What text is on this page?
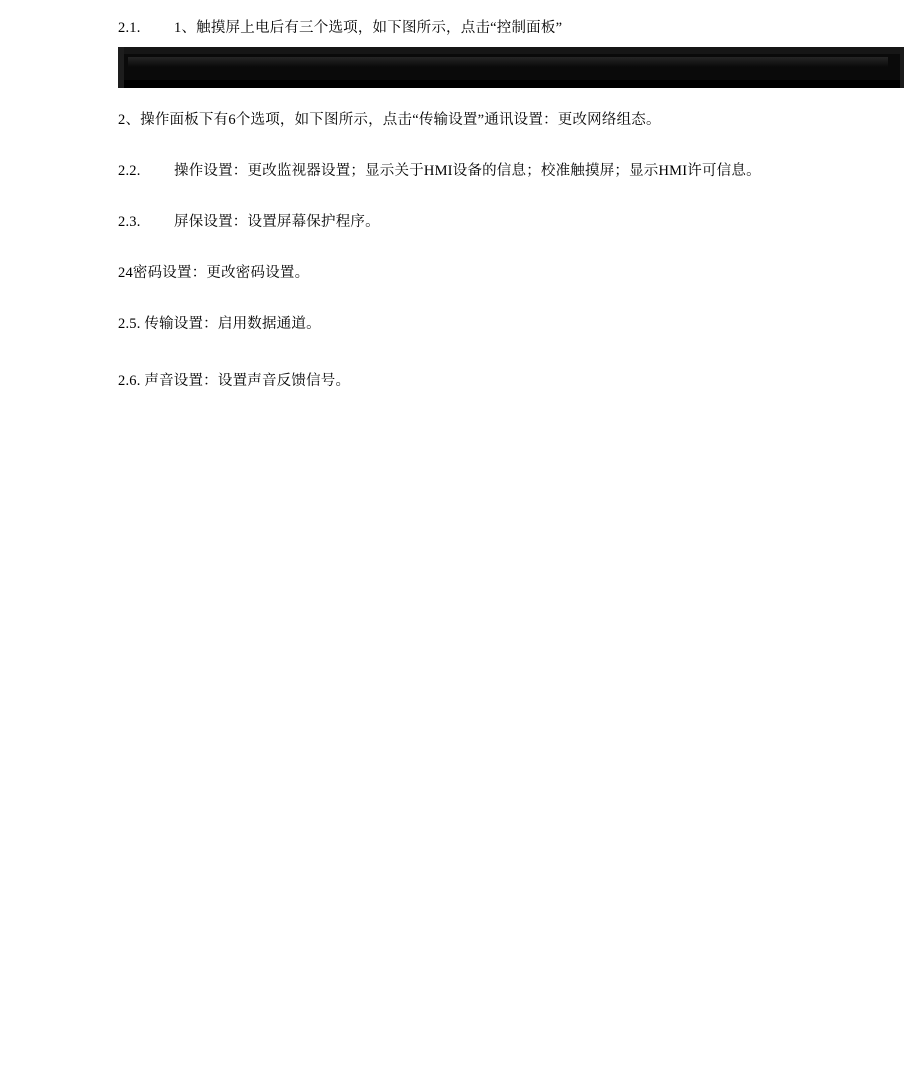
2.1. 1、触摸屏上电后有三个选项，如下图所示，点击“控制面板”

2、操作面板下有6个选项，如下图所示，点击“传输设置”通讯设置：更改网络组态。

2.2. 操作设置：更改监视器设置；显示关于HMI设备的信息；校准触摸屏；显示HMI许可信息。

2.3. 屏保设置：设置屏幕保护程序。

24密码设置：更改密码设置。

2.5. 传输设置：启用数据通道。

2.6. 声音设置：设置声音反馈信号。
